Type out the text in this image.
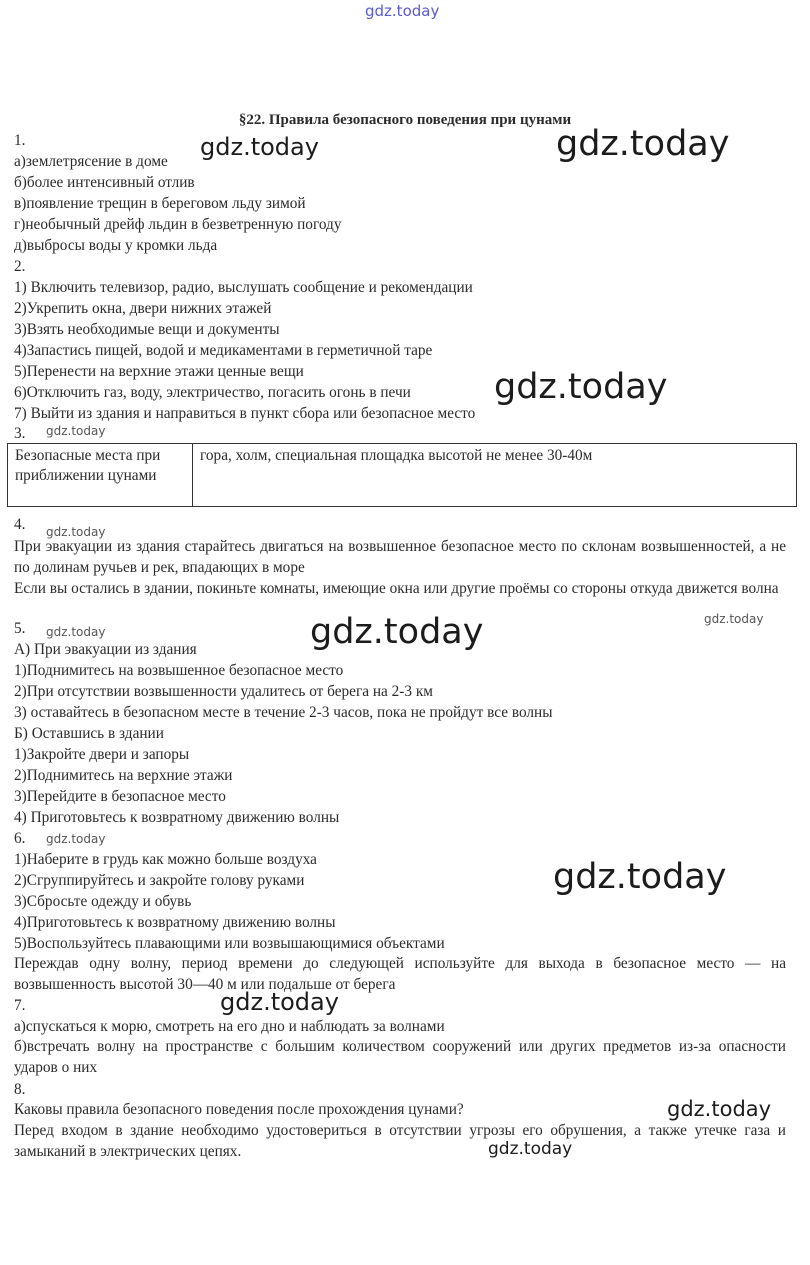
gdz.today
gdz.today	gdz.today
gdz.today
gdz.today
gdz.today
gdz.today
gdz.today
gdz.today
gdz.today
gdz.today
gdz.today
gdz.today
gdz.today
§22. Правила безопасного поведения при цунами
1.
а)землетрясение в доме
б)более интенсивный отлив
в)появление трещин в береговом льду зимой
г)необычный дрейф льдин в безветренную погоду
д)выбросы воды у кромки льда
2.
1) Включить телевизор, радио, выслушать сообщение и рекомендации
2)Укрепить окна, двери нижних этажей
3)Взять необходимые вещи и документы
4)Запастись пищей, водой и медикаментами в герметичной таре
5)Перенести на верхние этажи ценные вещи
6)Отключить газ, воду, электричество, погасить огонь в печи
7) Выйти из здания и направиться в пункт сбора или безопасное место
3.
Безопасные места при приближении цунами	гора, холм, специальная площадка высотой не менее 30-40м
4.
При эвакуации из здания старайтесь двигаться на возвышенное безопасное место по склонам возвышенностей, а не по долинам ручьев и рек, впадающих в море
Если вы остались в здании, покиньте комнаты, имеющие окна или другие проёмы со стороны откуда движется волна
5.
А) При эвакуации из здания
1)Поднимитесь на возвышенное безопасное место
2)При отсутствии возвышенности удалитесь от берега на 2-3 км
3) оставайтесь в безопасном месте в течение 2-3 часов, пока не пройдут все волны
Б) Оставшись в здании
1)Закройте двери и запоры
2)Поднимитесь на верхние этажи
3)Перейдите в безопасное место
4) Приготовьтесь к возвратному движению волны
6.
1)Наберите в грудь как можно больше воздуха
2)Сгруппируйтесь и закройте голову руками
3)Сбросьте одежду и обувь
4)Приготовьтесь к возвратному движению волны
5)Воспользуйтесь плавающими или возвышающимися объектами
Переждав одну волну, период времени до следующей используйте для выхода в безопасное место — на возвышенность высотой 30—40 м или подальше от берега
7.
а)спускаться к морю, смотреть на его дно и наблюдать за волнами
б)встречать волну на пространстве с большим количеством сооружений или других предметов из-за опасности ударов о них
8.
Каковы правила безопасного поведения после прохождения цунами?
Перед входом в здание необходимо удостовериться в отсутствии угрозы его обрушения, а также утечке газа и замыканий в электрических цепях.
